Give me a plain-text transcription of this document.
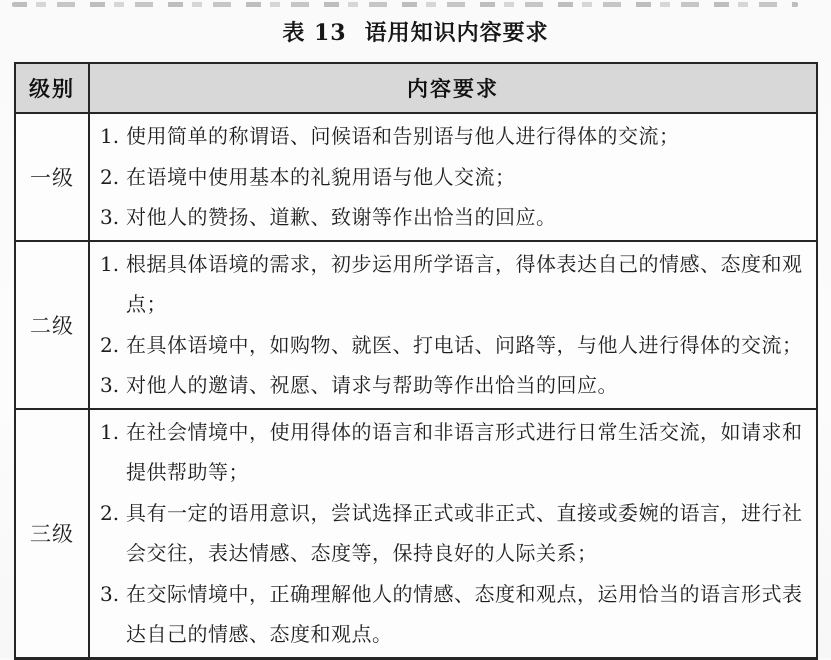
表 13 语用知识内容要求
级别	内容要求
一级	1. 使用简单的称谓语、问候语和告别语与他人进行得体的交流；
2. 在语境中使用基本的礼貌用语与他人交流；
3. 对他人的赞扬、道歉、致谢等作出恰当的回应。

二级	1. 根据具体语境的需求，初步运用所学语言，得体表达自己的情感、态度和观点；
2. 在具体语境中，如购物、就医、打电话、问路等，与他人进行得体的交流；
3. 对他人的邀请、祝愿、请求与帮助等作出恰当的回应。

三级	1. 在社会情境中，使用得体的语言和非语言形式进行日常生活交流，如请求和提供帮助等；
2. 具有一定的语用意识，尝试选择正式或非正式、直接或委婉的语言，进行社会交往，表达情感、态度等，保持良好的人际关系；
3. 在交际情境中，正确理解他人的情感、态度和观点，运用恰当的语言形式表达自己的情感、态度和观点。
